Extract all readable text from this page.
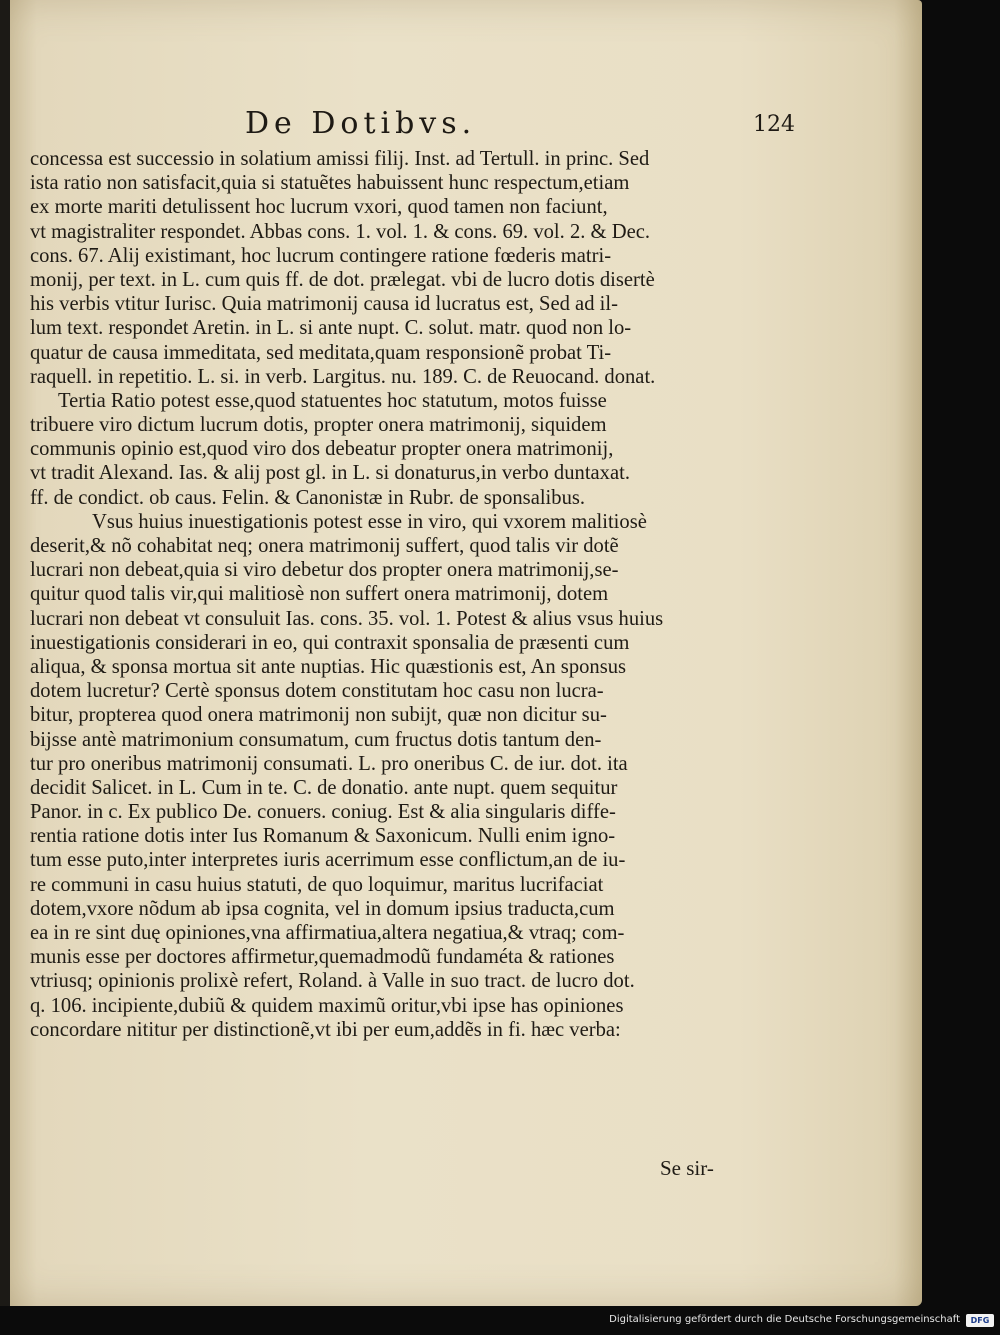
De Dotibvs.	124
concessa est successio in solatium amissi filij. Inst. ad Tertull. in princ. Sed
ista ratio non satisfacit,quia si statuẽtes habuissent hunc respectum,etiam
ex morte mariti detulissent hoc lucrum vxori, quod tamen non faciunt,
vt magistraliter respondet. Abbas cons. 1. vol. 1. & cons. 69. vol. 2. & Dec.
cons. 67. Alij existimant, hoc lucrum contingere ratione fœderis matri-
monij, per text. in L. cum quis ff. de dot. prælegat. vbi de lucro dotis disertè
his verbis vtitur Iurisc. Quia matrimonij causa id lucratus est, Sed ad il-
lum text. respondet Aretin. in L. si ante nupt. C. solut. matr. quod non lo-
quatur de causa immeditata, sed meditata,quam responsionẽ probat Ti-
raquell. in repetitio. L. si. in verb. Largitus. nu. 189. C. de Reuocand. donat.
Tertia Ratio potest esse,quod statuentes hoc statutum, motos fuisse
tribuere viro dictum lucrum dotis, propter onera matrimonij, siquidem
communis opinio est,quod viro dos debeatur propter onera matrimonij,
vt tradit Alexand. Ias. & alij post gl. in L. si donaturus,in verbo duntaxat.
ff. de condict. ob caus. Felin. & Canonistæ in Rubr. de sponsalibus.
Vsus huius inuestigationis potest esse in viro, qui vxorem malitiosè
deserit,& nõ cohabitat neq; onera matrimonij suffert, quod talis vir dotẽ
lucrari non debeat,quia si viro debetur dos propter onera matrimonij,se-
quitur quod talis vir,qui malitiosè non suffert onera matrimonij, dotem
lucrari non debeat vt consuluit Ias. cons. 35. vol. 1. Potest & alius vsus huius
inuestigationis considerari in eo, qui contraxit sponsalia de præsenti cum
aliqua, & sponsa mortua sit ante nuptias. Hic quæstionis est, An sponsus
dotem lucretur? Certè sponsus dotem constitutam hoc casu non lucra-
bitur, propterea quod onera matrimonij non subijt, quæ non dicitur su-
bijsse antè matrimonium consumatum, cum fructus dotis tantum den-
tur pro oneribus matrimonij consumati. L. pro oneribus C. de iur. dot. ita
decidit Salicet. in L. Cum in te. C. de donatio. ante nupt. quem sequitur
Panor. in c. Ex publico De. conuers. coniug. Est & alia singularis diffe-
rentia ratione dotis inter Ius Romanum & Saxonicum. Nulli enim igno-
tum esse puto,inter interpretes iuris acerrimum esse conflictum,an de iu-
re communi in casu huius statuti, de quo loquimur, maritus lucrifaciat
dotem,vxore nõdum ab ipsa cognita, vel in domum ipsius traducta,cum
ea in re sint duę opiniones,vna affirmatiua,altera negatiua,& vtraq; com-
munis esse per doctores affirmetur,quemadmodũ fundaméta & rationes
vtriusq; opinionis prolixè refert, Roland. à Valle in suo tract. de lucro dot.
q. 106. incipiente,dubiũ & quidem maximũ oritur,vbi ipse has opiniones
concordare nititur per distinctionẽ,vt ibi per eum,addẽs in fi. hæc verba:
Se sir-
Digitalisierung gefördert durch die Deutsche Forschungsgemeinschaft	DFG
